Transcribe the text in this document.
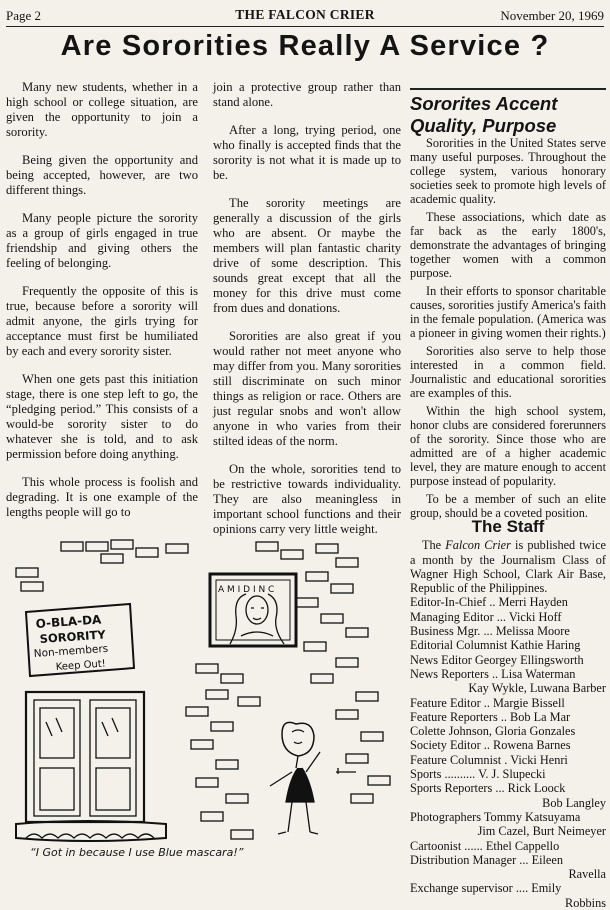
Page 2	THE FALCON CRIER	November 20, 1969
Are Sororities Really A Service ?

Many new students, whether in a high school or college situation, are given the opportunity to join a sorority.

Being given the opportunity and being accepted, however, are two different things.

Many people picture the sorority as a group of girls engaged in true friendship and giving others the feeling of belonging.

Frequently the opposite of this is true, because before a sorority will admit anyone, the girls trying for acceptance must first be humiliated by each and every sorority sister.

When one gets past this initiation stage, there is one step left to go, the “pledging period.” This consists of a would-be sorority sister to do whatever she is told, and to ask permission before doing anything.

This whole process is foolish and degrading. It is one example of the lengths people will go to

join a protective group rather than stand alone.

After a long, trying period, one who finally is accepted finds that the sorority is not what it is made up to be.

The sorority meetings are generally a discussion of the girls who are absent. Or maybe the members will plan fantastic charity drive of some description. This sounds great except that all the money for this drive must come from dues and donations.

Sororities are also great if you would rather not meet anyone who may differ from you. Many sororities still discriminate on such minor things as religion or race. Others are just regular snobs and won't allow anyone in who varies from their stilted ideas of the norm.

On the whole, sororities tend to be restrictive towards individuality. They are also meaningless in important school functions and their opinions carry very little weight.

Sororites Accent Quality, Purpose

Sororities in the United States serve many useful purposes. Throughout the college system, various honorary societies seek to promote high levels of academic quality.

These associations, which date as far back as the early 1800's, demonstrate the advantages of bringing together women with a common purpose.

In their efforts to sponsor charitable causes, sororities justify America's faith in the female population. (America was a pioneer in giving women their rights.)

Sororities also serve to help those interested in a common field. Journalistic and educational sororities are examples of this.

Within the high school system, honor clubs are considered forerunners of the sorority. Since those who are admitted are of a higher academic level, they are mature enough to accent purpose instead of popularity.

To be a member of such an elite group, should be a coveted position.

The Staff

The Falcon Crier is published twice a month by the Journalism Class of Wagner High School, Clark Air Base, Republic of the Philippines.

Editor-In-Chief .. Merri Hayden

Managing Editor ... Vicki Hoff

Business Mgr. ... Melissa Moore

Editorial Columnist Kathie Haring

News Editor Georgey Ellingsworth

News Reporters .. Lisa Waterman

Kay Wykle, Luwana Barber

Feature Editor .. Margie Bissell

Feature Reporters .. Bob La Mar

Colette Johnson, Gloria Gonzales

Society Editor .. Rowena Barnes

Feature Columnist . Vicki Henri

Sports .......... V. J. Slupecki

Sports Reporters ... Rick Loock

Bob Langley

Photographers Tommy Katsuyama

Jim Cazel, Burt Neimeyer

Cartoonist ...... Ethel Cappello

Distribution Manager ... Eileen

Ravella

Exchange supervisor .... Emily

Robbins

O-BLA-DA
SORORITY
Non-members
Keep Out!
A M I D I N C
“I Got in because I use Blue mascara!”
